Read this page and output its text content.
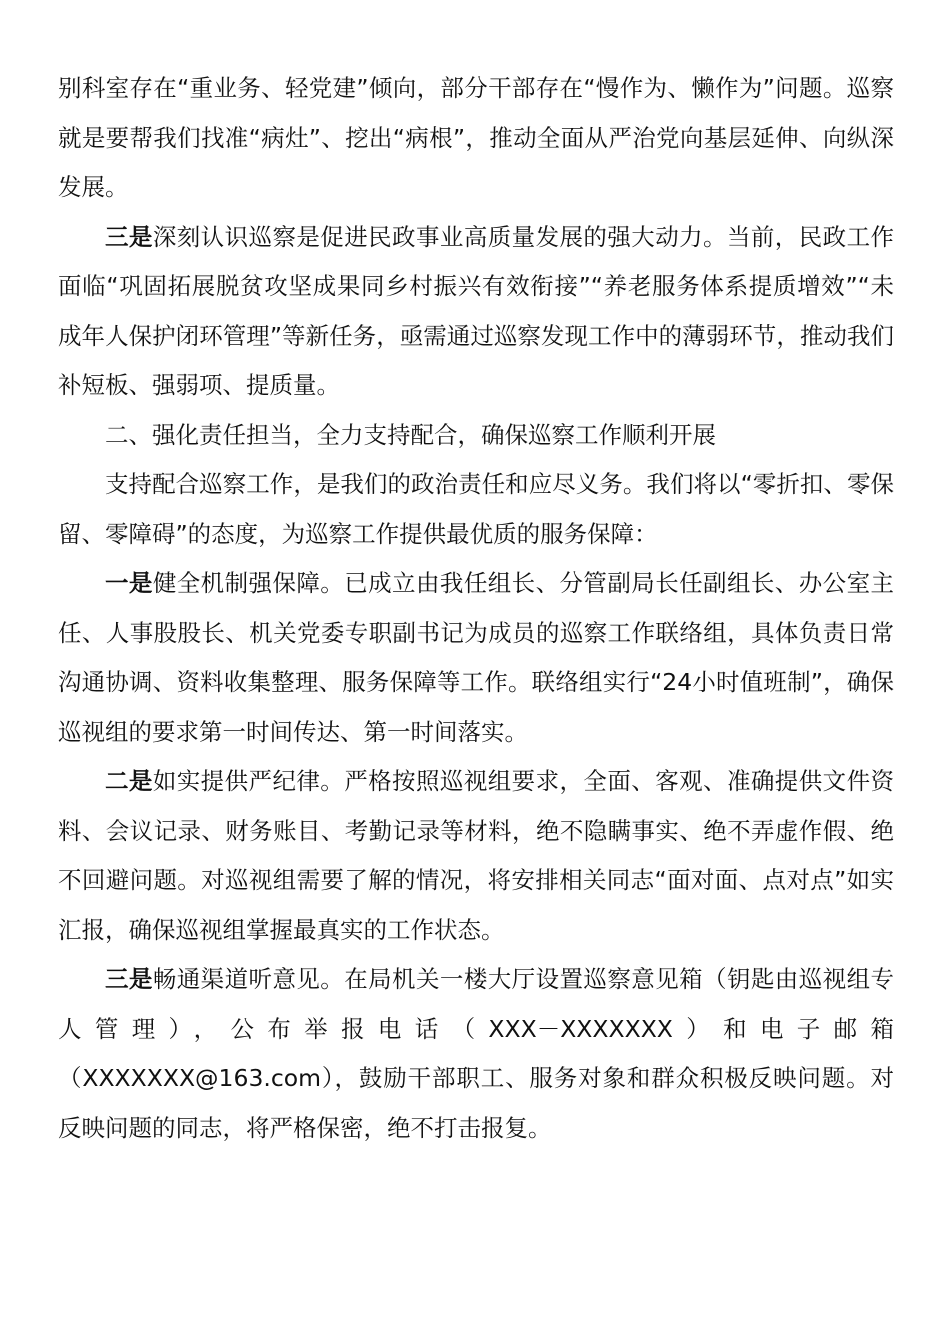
别科室存在“重业务、轻党建”倾向，部分干部存在“慢作为、懒作为”问题。巡察就是要帮我们找准“病灶”、挖出“病根”，推动全面从严治党向基层延伸、向纵深发展。

三是深刻认识巡察是促进民政事业高质量发展的强大动力。当前，民政工作面临“巩固拓展脱贫攻坚成果同乡村振兴有效衔接”“养老服务体系提质增效”“未成年人保护闭环管理”等新任务，亟需通过巡察发现工作中的薄弱环节，推动我们补短板、强弱项、提质量。

二、强化责任担当，全力支持配合，确保巡察工作顺利开展

支持配合巡察工作，是我们的政治责任和应尽义务。我们将以“零折扣、零保留、零障碍”的态度，为巡察工作提供最优质的服务保障：

一是健全机制强保障。已成立由我任组长、分管副局长任副组长、办公室主任、人事股股长、机关党委专职副书记为成员的巡察工作联络组，具体负责日常沟通协调、资料收集整理、服务保障等工作。联络组实行“24小时值班制”，确保巡视组的要求第一时间传达、第一时间落实。

二是如实提供严纪律。严格按照巡视组要求，全面、客观、准确提供文件资料、会议记录、财务账目、考勤记录等材料，绝不隐瞒事实、绝不弄虚作假、绝不回避问题。对巡视组需要了解的情况，将安排相关同志“面对面、点对点”如实汇报，确保巡视组掌握最真实的工作状态。

三是畅通渠道听意见。在局机关一楼大厅设置巡察意见箱（钥匙由巡视组专人管理），公布举报电话（XXX－XXXXXXX）和电子邮箱（XXXXXXX@163.com），鼓励干部职工、服务对象和群众积极反映问题。对反映问题的同志，将严格保密，绝不打击报复。
